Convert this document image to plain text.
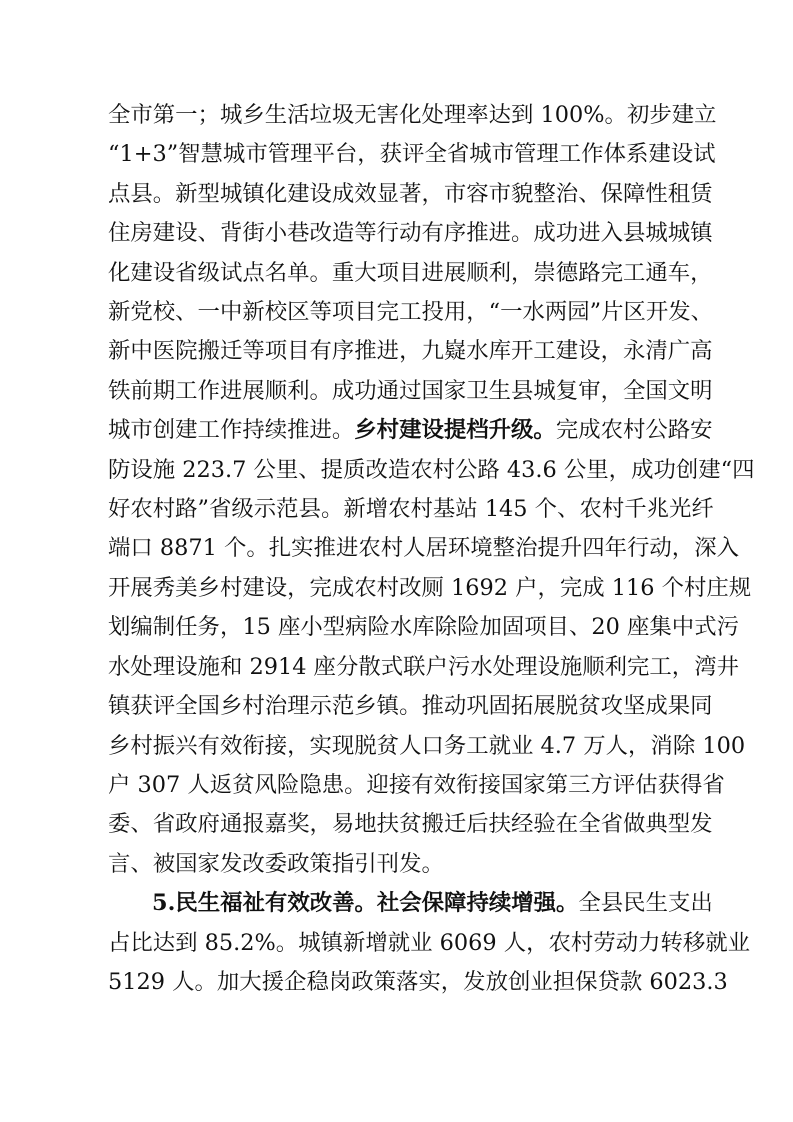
全市第一；城乡生活垃圾无害化处理率达到 100%。初步建立
“1+3”智慧城市管理平台，获评全省城市管理工作体系建设试
点县。新型城镇化建设成效显著，市容市貌整治、保障性租赁
住房建设、背街小巷改造等行动有序推进。成功进入县城城镇
化建设省级试点名单。重大项目进展顺利，崇德路完工通车，
新党校、一中新校区等项目完工投用，“一水两园”片区开发、
新中医院搬迁等项目有序推进，九嶷水库开工建设，永清广高
铁前期工作进展顺利。成功通过国家卫生县城复审，全国文明
城市创建工作持续推进。乡村建设提档升级。完成农村公路安
防设施 223.7 公里、提质改造农村公路 43.6 公里，成功创建“四
好农村路”省级示范县。新增农村基站 145 个、农村千兆光纤
端口 8871 个。扎实推进农村人居环境整治提升四年行动，深入
开展秀美乡村建设，完成农村改厕 1692 户，完成 116 个村庄规
划编制任务，15 座小型病险水库除险加固项目、20 座集中式污
水处理设施和 2914 座分散式联户污水处理设施顺利完工，湾井
镇获评全国乡村治理示范乡镇。推动巩固拓展脱贫攻坚成果同
乡村振兴有效衔接，实现脱贫人口务工就业 4.7 万人，消除 100
户 307 人返贫风险隐患。迎接有效衔接国家第三方评估获得省
委、省政府通报嘉奖，易地扶贫搬迁后扶经验在全省做典型发
言、被国家发改委政策指引刊发。

5.民生福祉有效改善。社会保障持续增强。全县民生支出
占比达到 85.2%。城镇新增就业 6069 人，农村劳动力转移就业
5129 人。加大援企稳岗政策落实，发放创业担保贷款 6023.3
